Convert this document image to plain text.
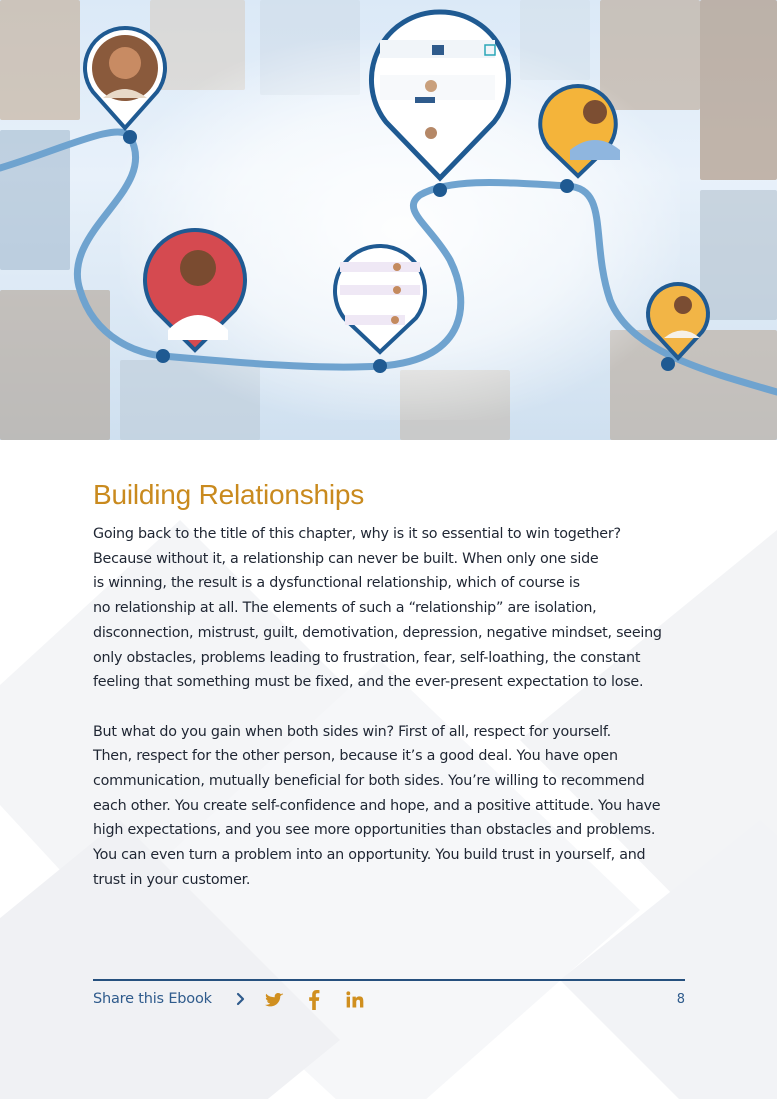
Building Relationships

Going back to the title of this chapter, why is it so essential to win together?
Because without it, a relationship can never be built. When only one side
is winning, the result is a dysfunctional relationship, which of course is
no relationship at all. The elements of such a “relationship” are isolation,
disconnection, mistrust, guilt, demotivation, depression, negative mindset, seeing
only obstacles, problems leading to frustration, fear, self-loathing, the constant
feeling that something must be fixed, and the ever-present expectation to lose.

But what do you gain when both sides win? First of all, respect for yourself.
Then, respect for the other person, because it’s a good deal. You have open
communication, mutually beneficial for both sides. You’re willing to recommend
each other. You create self-confidence and hope, and a positive attitude. You have
high expectations, and you see more opportunities than obstacles and problems.
You can even turn a problem into an opportunity. You build trust in yourself, and
trust in your customer.

Share this Ebook	8
